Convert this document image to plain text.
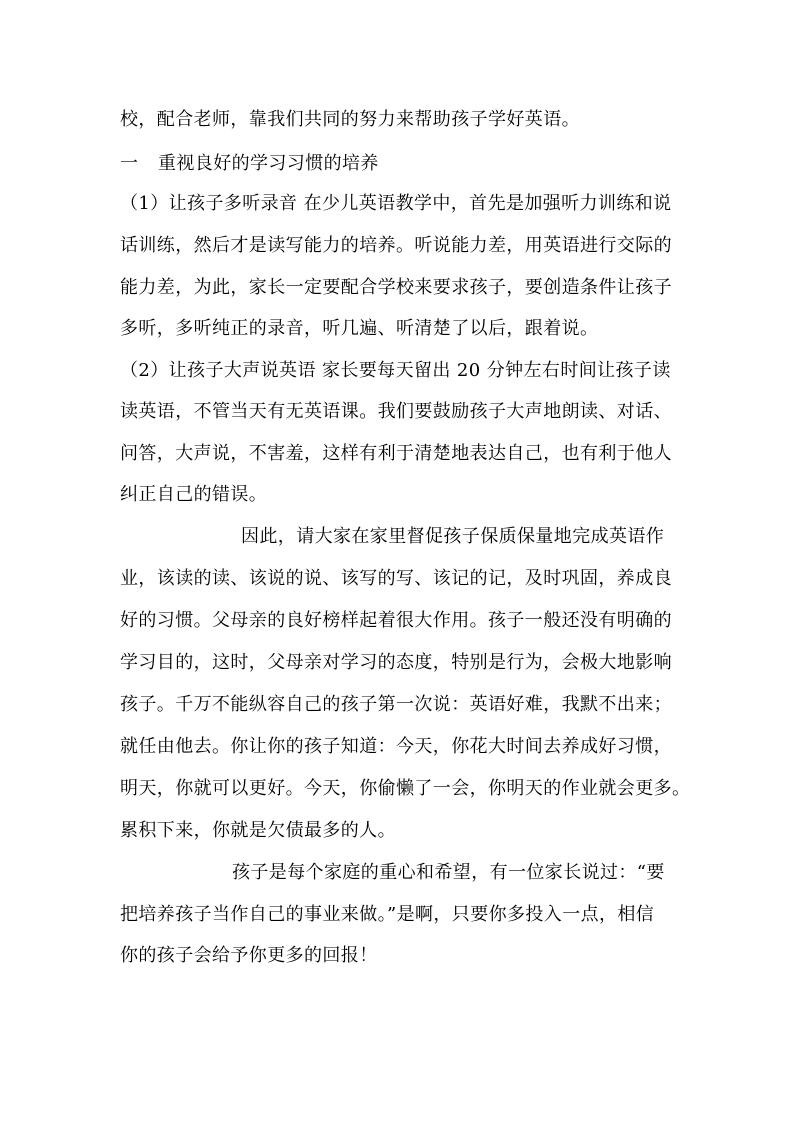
校，配合老师，靠我们共同的努力来帮助孩子学好英语。
一 重视良好的学习习惯的培养
（1）让孩子多听录音 在少儿英语教学中，首先是加强听力训练和说
话训练，然后才是读写能力的培养。听说能力差，用英语进行交际的
能力差，为此，家长一定要配合学校来要求孩子，要创造条件让孩子
多听，多听纯正的录音，听几遍、听清楚了以后，跟着说。
（2）让孩子大声说英语 家长要每天留出 20 分钟左右时间让孩子读
读英语，不管当天有无英语课。我们要鼓励孩子大声地朗读、对话、
问答，大声说，不害羞，这样有利于清楚地表达自己，也有利于他人
纠正自己的错误。
因此，请大家在家里督促孩子保质保量地完成英语作
业，该读的读、该说的说、该写的写、该记的记，及时巩固，养成良
好的习惯。父母亲的良好榜样起着很大作用。孩子一般还没有明确的
学习目的，这时，父母亲对学习的态度，特别是行为，会极大地影响
孩子。千万不能纵容自己的孩子第一次说：英语好难，我默不出来；
就任由他去。你让你的孩子知道：今天，你花大时间去养成好习惯，
明天，你就可以更好。今天，你偷懒了一会，你明天的作业就会更多。
累积下来，你就是欠债最多的人。
孩子是每个家庭的重心和希望，有一位家长说过：“要
把培养孩子当作自己的事业来做。”是啊，只要你多投入一点，相信
你的孩子会给予你更多的回报！
